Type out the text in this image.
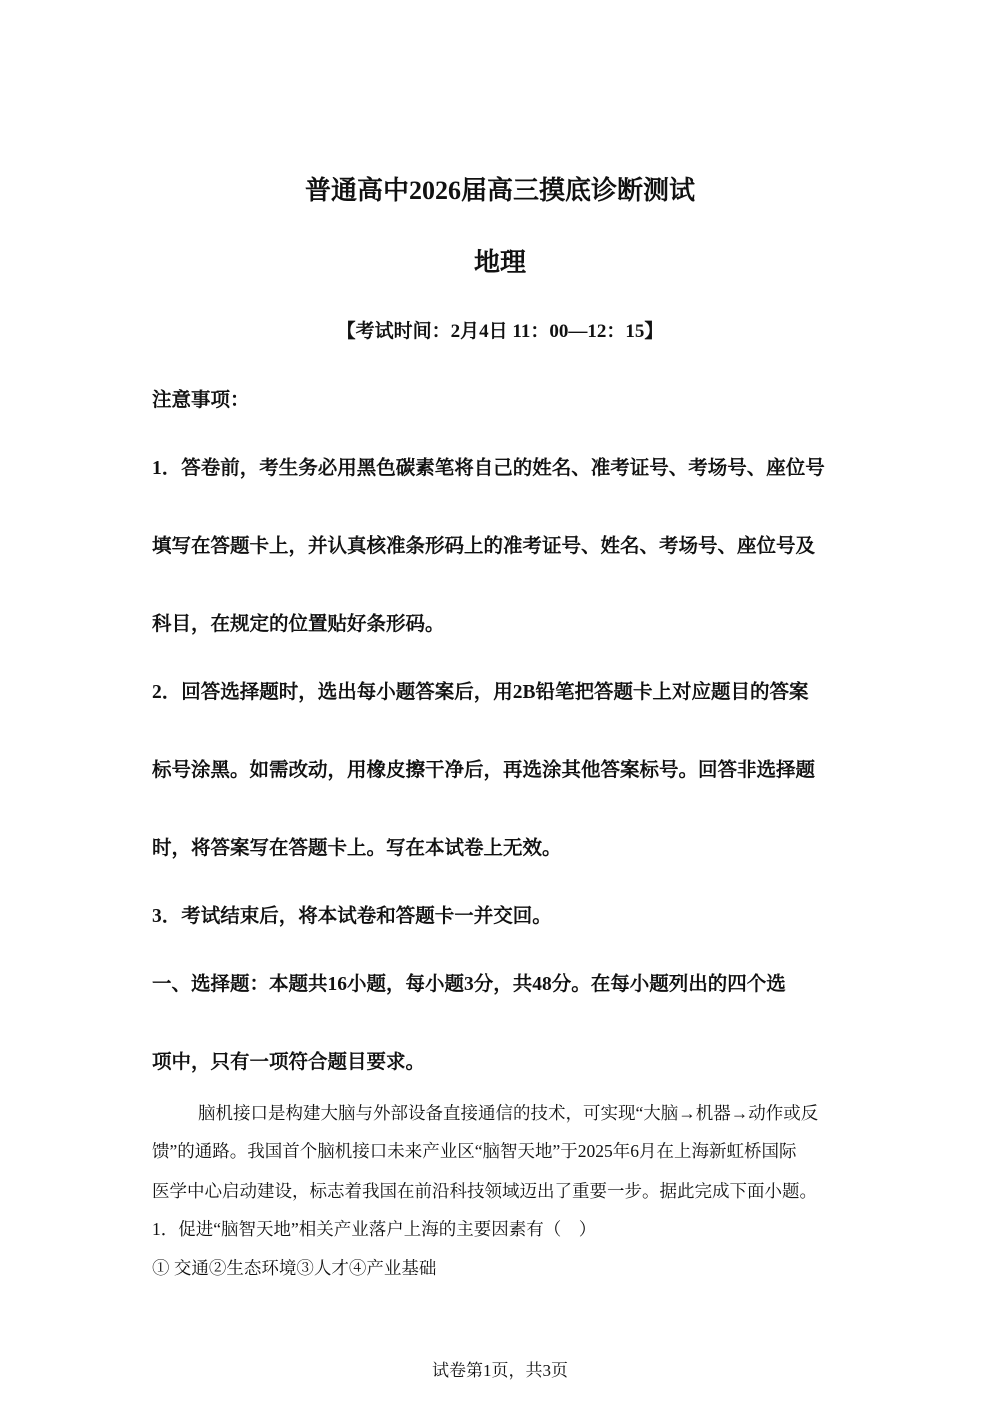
普通高中2026届高三摸底诊断测试
地理
【考试时间：2月4日 11：00—12：15】
注意事项：
1．答卷前，考生务必用黑色碳素笔将自己的姓名、准考证号、考场号、座位号
填写在答题卡上，并认真核准条形码上的准考证号、姓名、考场号、座位号及
科目，在规定的位置贴好条形码。
2．回答选择题时，选出每小题答案后，用2B铅笔把答题卡上对应题目的答案
标号涂黑。如需改动，用橡皮擦干净后，再选涂其他答案标号。回答非选择题
时，将答案写在答题卡上。写在本试卷上无效。
3．考试结束后，将本试卷和答题卡一并交回。
一、选择题：本题共16小题，每小题3分，共48分。在每小题列出的四个选
项中，只有一项符合题目要求。
脑机接口是构建大脑与外部设备直接通信的技术，可实现“大脑→机器→动作或反
馈”的通路。我国首个脑机接口未来产业区“脑智天地”于2025年6月在上海新虹桥国际
医学中心启动建设，标志着我国在前沿科技领域迈出了重要一步。据此完成下面小题。
1．促进“脑智天地”相关产业落户上海的主要因素有（　）
① 交通②生态环境③人才④产业基础
试卷第1页，共3页
